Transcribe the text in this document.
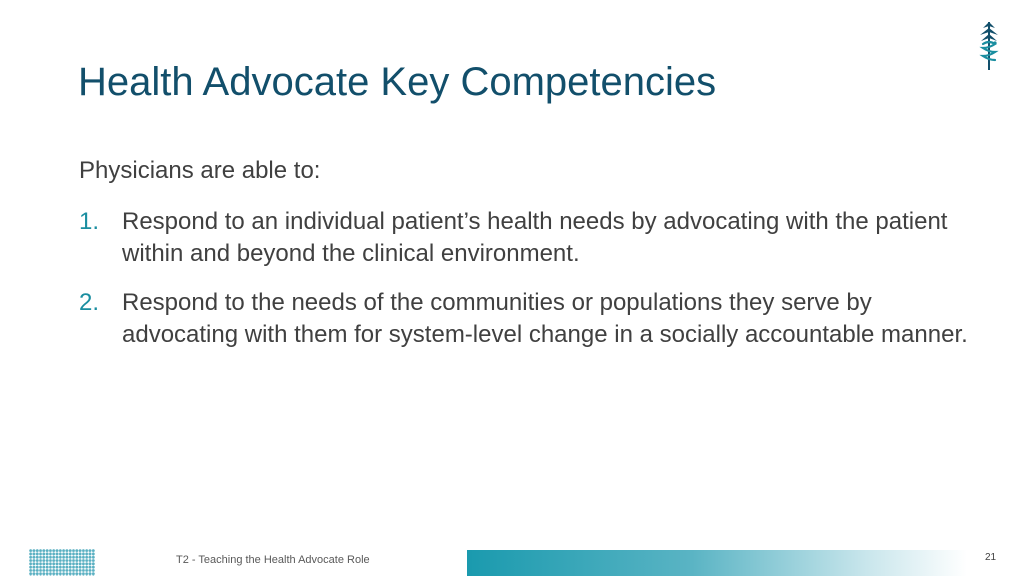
Health Advocate Key Competencies

Physicians are able to:

1. Respond to an individual patient’s health needs by advocating with the patient within and beyond the clinical environment.
2. Respond to the needs of the communities or populations they serve by advocating with them for system-level change in a socially accountable manner.
T2 - Teaching the Health Advocate Role	21
